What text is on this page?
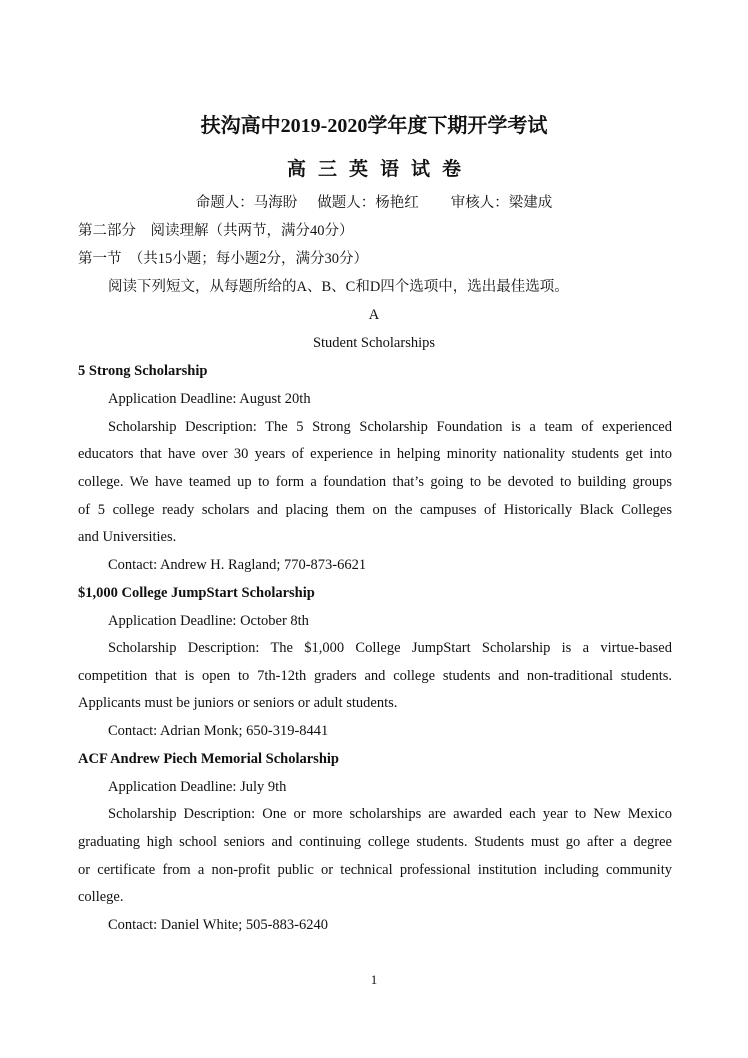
扶沟高中2019-2020学年度下期开学考试
高三英语试卷
命题人：马海盼 做题人：杨艳红 审核人：梁建成
第二部分　阅读理解（共两节，满分40分）
第一节　（共15小题；每小题2分，满分30分）
阅读下列短文，从每题所给的A、B、C和D四个选项中，选出最佳选项。
A
Student Scholarships
5 Strong Scholarship
Application Deadline: August 20th
Scholarship Description: The 5 Strong Scholarship Foundation is a team of experienced
educators that have over 30 years of experience in helping minority nationality students get into
college. We have teamed up to form a foundation that’s going to be devoted to building groups
of 5 college ready scholars and placing them on the campuses of Historically Black Colleges
and Universities.
Contact: Andrew H. Ragland; 770-873-6621
$1,000 College JumpStart Scholarship
Application Deadline: October 8th
Scholarship Description: The $1,000 College JumpStart Scholarship is a virtue-based
competition that is open to 7th-12th graders and college students and non-traditional students.
Applicants must be juniors or seniors or adult students.
Contact: Adrian Monk; 650-319-8441
ACF Andrew Piech Memorial Scholarship
Application Deadline: July 9th
Scholarship Description: One or more scholarships are awarded each year to New Mexico
graduating high school seniors and continuing college students. Students must go after a degree
or certificate from a non-profit public or technical professional institution including community
college.
Contact: Daniel White; 505-883-6240
1
